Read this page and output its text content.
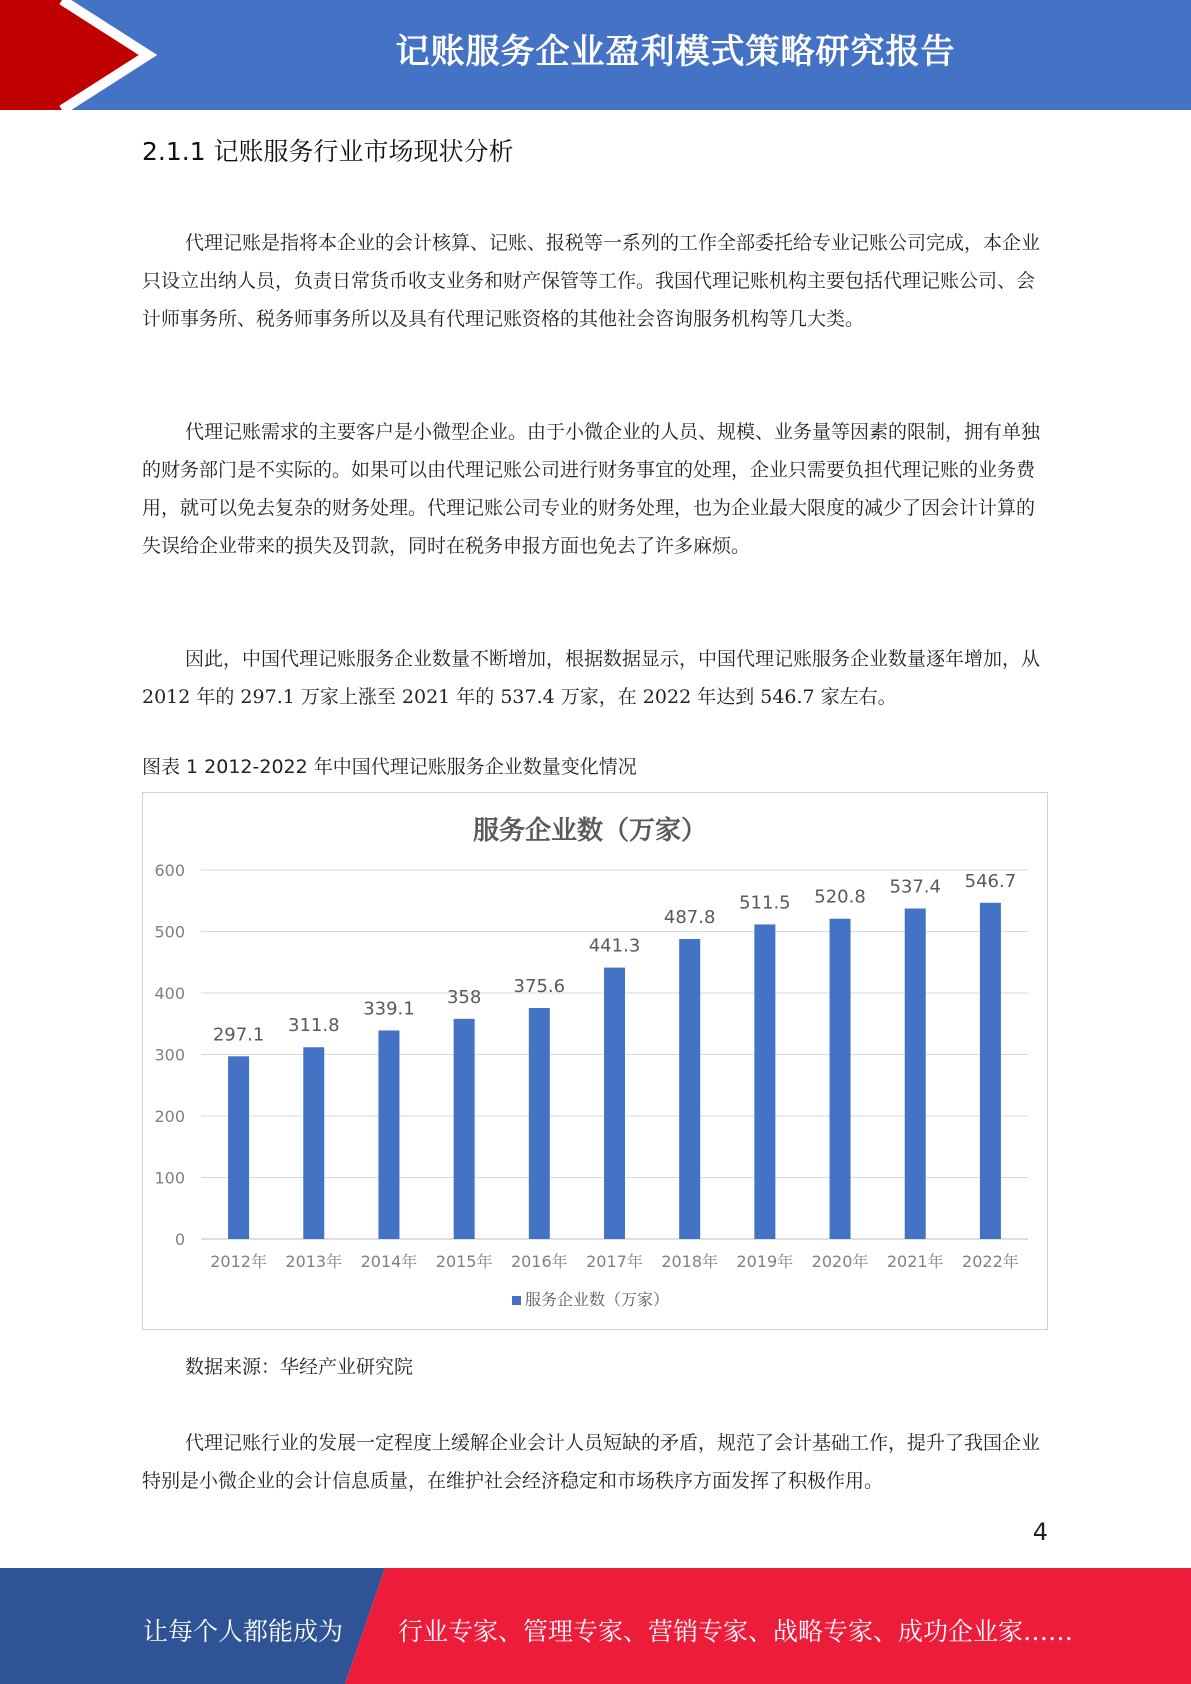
记账服务企业盈利模式策略研究报告
2.1.1 记账服务行业市场现状分析

代理记账是指将本企业的会计核算、记账、报税等一系列的工作全部委托给专业记账公司完成，本企业只设立出纳人员，负责日常货币收支业务和财产保管等工作。我国代理记账机构主要包括代理记账公司、会计师事务所、税务师事务所以及具有代理记账资格的其他社会咨询服务机构等几大类。

代理记账需求的主要客户是小微型企业。由于小微企业的人员、规模、业务量等因素的限制，拥有单独的财务部门是不实际的。如果可以由代理记账公司进行财务事宜的处理，企业只需要负担代理记账的业务费用，就可以免去复杂的财务处理。代理记账公司专业的财务处理，也为企业最大限度的减少了因会计计算的失误给企业带来的损失及罚款，同时在税务申报方面也免去了许多麻烦。

因此，中国代理记账服务企业数量不断增加，根据数据显示，中国代理记账服务企业数量逐年增加，从 2012 年的 297.1 万家上涨至 2021 年的 537.4 万家，在 2022 年达到 546.7 家左右。

图表 1 2012-2022 年中国代理记账服务企业数量变化情况
服务企业数（万家）
297.1 311.8
339.1
358
375.6
441.3
487.8
511.5 520.8 537.4 546.7
2012年 2013年 2014年 2015年 2016年 2017年 2018年 2019年 2020年 2021年 2022年
0
100
200
300
400
500
600
服务企业数（万家）
数据来源：华经产业研究院

代理记账行业的发展一定程度上缓解企业会计人员短缺的矛盾，规范了会计基础工作，提升了我国企业特别是小微企业的会计信息质量，在维护社会经济稳定和市场秩序方面发挥了积极作用。

4
让每个人都能成为 行业专家、管理专家、营销专家、战略专家、成功企业家……
